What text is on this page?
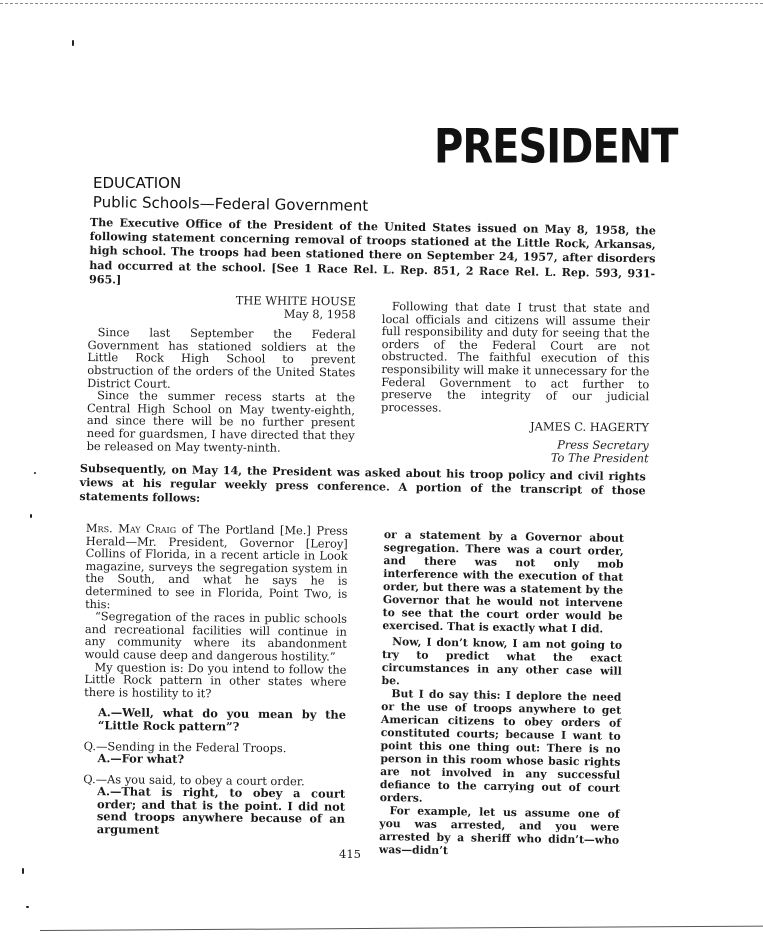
PRESIDENT
EDUCATION
Public Schools—Federal Government
The Executive Office of the President of the United States issued on May 8, 1958, the following statement concerning removal of troops stationed at the Little Rock, Arkansas, high school. The troops had been stationed there on September 24, 1957, after disorders had occurred at the school. [See 1 Race Rel. L. Rep. 851, 2 Race Rel. L. Rep. 593, 931-965.]
THE WHITE HOUSE
May 8, 1958

Since last September the Federal Government has stationed soldiers at the Little Rock High School to prevent obstruction of the orders of the United States District Court.

Since the summer recess starts at the Central High School on May twenty-eighth, and since there will be no further present need for guardsmen, I have directed that they be released on May twenty-ninth.

Following that date I trust that state and local officials and citizens will assume their full responsibility and duty for seeing that the orders of the Federal Court are not obstructed. The faithful execution of this responsibility will make it unnecessary for the Federal Government to act further to preserve the integrity of our judicial processes.

JAMES C. HAGERTY
Press Secretary
To The President
Subsequently, on May 14, the President was asked about his troop policy and civil rights views at his regular weekly press conference. A portion of the transcript of those statements follows:

Mrs. May Craig of The Portland [Me.] Press Herald—Mr. President, Governor [Leroy] Collins of Florida, in a recent article in Look magazine, surveys the segregation system in the South, and what he says he is determined to see in Florida, Point Two, is this:

“Segregation of the races in public schools and recreational facilities will continue in any community where its abandonment would cause deep and dangerous hostility.”

My question is: Do you intend to follow the Little Rock pattern in other states where there is hostility to it?

A.—Well, what do you mean by the “Little Rock pattern”?

Q.—Sending in the Federal Troops.

A.—For what?

Q.—As you said, to obey a court order.

A.—That is right, to obey a court order; and that is the point. I did not send troops anywhere because of an argument

or a statement by a Governor about segregation. There was a court order, and there was not only mob interference with the execution of that order, but there was a statement by the Governor that he would not intervene to see that the court order would be exercised. That is exactly what I did.

Now, I don’t know, I am not going to try to predict what the exact circumstances in any other case will be.

But I do say this: I deplore the need or the use of troops anywhere to get American citizens to obey orders of constituted courts; because I want to point this one thing out: There is no person in this room whose basic rights are not involved in any successful defiance to the carrying out of court orders.

For example, let us assume one of you was arrested, and you were arrested by a sheriff who didn’t—who was—didn’t

415
